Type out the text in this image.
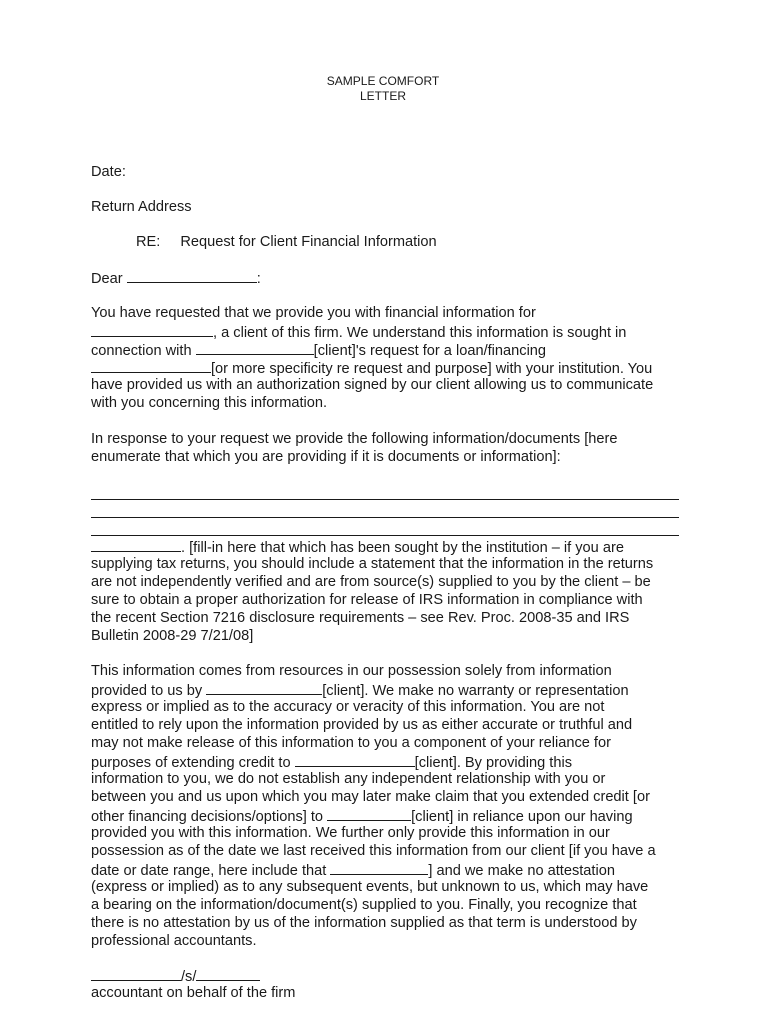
SAMPLE COMFORT
LETTER
Date:
Return Address
RE: Request for Client Financial Information
Dear	:
You have requested that we provide you with financial information for
, a client of this firm. We understand this information is sought in
connection with	[client]'s request for a loan/financing
[or more specificity re request and purpose] with your institution. You
have provided us with an authorization signed by our client allowing us to communicate
with you concerning this information.
In response to your request we provide the following information/documents [here
enumerate that which you are providing if it is documents or information]:
. [fill-in here that which has been sought by the institution – if you are
supplying tax returns, you should include a statement that the information in the returns
are not independently verified and are from source(s) supplied to you by the client – be
sure to obtain a proper authorization for release of IRS information in compliance with
the recent Section 7216 disclosure requirements – see Rev. Proc. 2008-35 and IRS
Bulletin 2008-29 7/21/08]
This information comes from resources in our possession solely from information
provided to us by	[client]. We make no warranty or representation
express or implied as to the accuracy or veracity of this information. You are not
entitled to rely upon the information provided by us as either accurate or truthful and
may not make release of this information to you a component of your reliance for
purposes of extending credit to	[client]. By providing this
information to you, we do not establish any independent relationship with you or
between you and us upon which you may later make claim that you extended credit [or
other financing decisions/options] to	[client] in reliance upon our having
provided you with this information. We further only provide this information in our
possession as of the date we last received this information from our client [if you have a
date or date range, here include that	] and we make no attestation
(express or implied) as to any subsequent events, but unknown to us, which may have
a bearing on the information/document(s) supplied to you. Finally, you recognize that
there is no attestation by us of the information supplied as that term is understood by
professional accountants.
/s/
accountant on behalf of the firm
